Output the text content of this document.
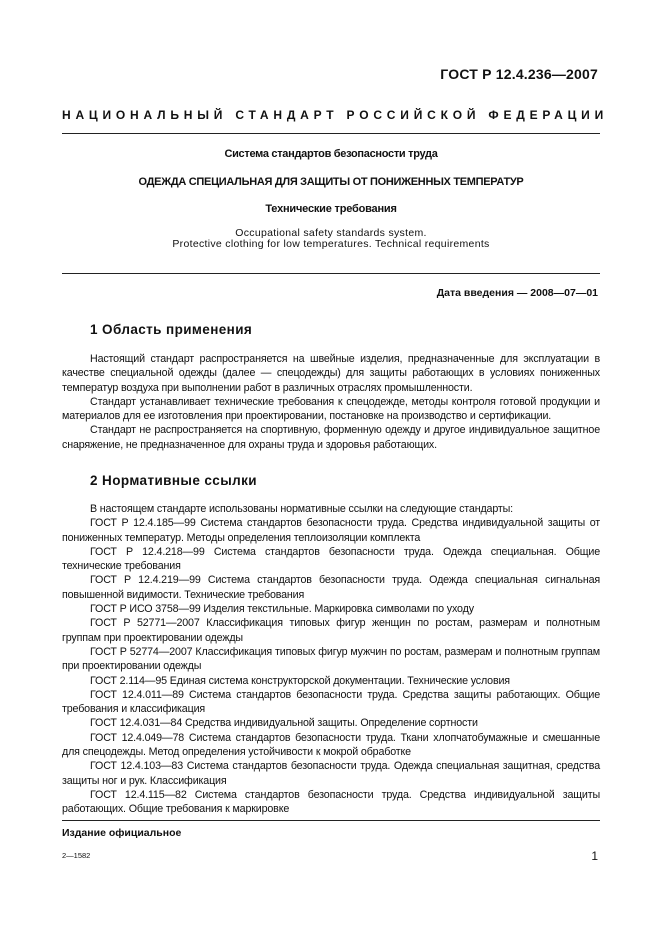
ГОСТ Р 12.4.236—2007
НАЦИОНАЛЬНЫЙ СТАНДАРТ РОССИЙСКОЙ ФЕДЕРАЦИИ
Система стандартов безопасности труда
ОДЕЖДА СПЕЦИАЛЬНАЯ ДЛЯ ЗАЩИТЫ ОТ ПОНИЖЕННЫХ ТЕМПЕРАТУР
Технические требования
Occupational safety standards system.
Protective clothing for low temperatures. Technical requirements
Дата введения — 2008—07—01
1 Область применения

Настоящий стандарт распространяется на швейные изделия, предназначенные для эксплуатации в качестве специальной одежды (далее — спецодежды) для защиты работающих в условиях пониженных температур воздуха при выполнении работ в различных отраслях промышленности.

Стандарт устанавливает технические требования к спецодежде, методы контроля готовой продукции и материалов для ее изготовления при проектировании, постановке на производство и сертификации.

Стандарт не распространяется на спортивную, форменную одежду и другое индивидуальное защитное снаряжение, не предназначенное для охраны труда и здоровья работающих.

2 Нормативные ссылки

В настоящем стандарте использованы нормативные ссылки на следующие стандарты:

ГОСТ Р 12.4.185—99 Система стандартов безопасности труда. Средства индивидуальной защиты от пониженных температур. Методы определения теплоизоляции комплекта

ГОСТ Р 12.4.218—99 Система стандартов безопасности труда. Одежда специальная. Общие технические требования

ГОСТ Р 12.4.219—99 Система стандартов безопасности труда. Одежда специальная сигнальная повышенной видимости. Технические требования

ГОСТ Р ИСО 3758—99 Изделия текстильные. Маркировка символами по уходу

ГОСТ Р 52771—2007 Классификация типовых фигур женщин по ростам, размерам и полнотным группам при проектировании одежды

ГОСТ Р 52774—2007 Классификация типовых фигур мужчин по ростам, размерам и полнотным группам при проектировании одежды

ГОСТ 2.114—95 Единая система конструкторской документации. Технические условия

ГОСТ 12.4.011—89 Система стандартов безопасности труда. Средства защиты работающих. Общие требования и классификация

ГОСТ 12.4.031—84 Средства индивидуальной защиты. Определение сортности

ГОСТ 12.4.049—78 Система стандартов безопасности труда. Ткани хлопчатобумажные и смешанные для спецодежды. Метод определения устойчивости к мокрой обработке

ГОСТ 12.4.103—83 Система стандартов безопасности труда. Одежда специальная защитная, средства защиты ног и рук. Классификация

ГОСТ 12.4.115—82 Система стандартов безопасности труда. Средства индивидуальной защиты работающих. Общие требования к маркировке

Издание официальное
2—1582	1
